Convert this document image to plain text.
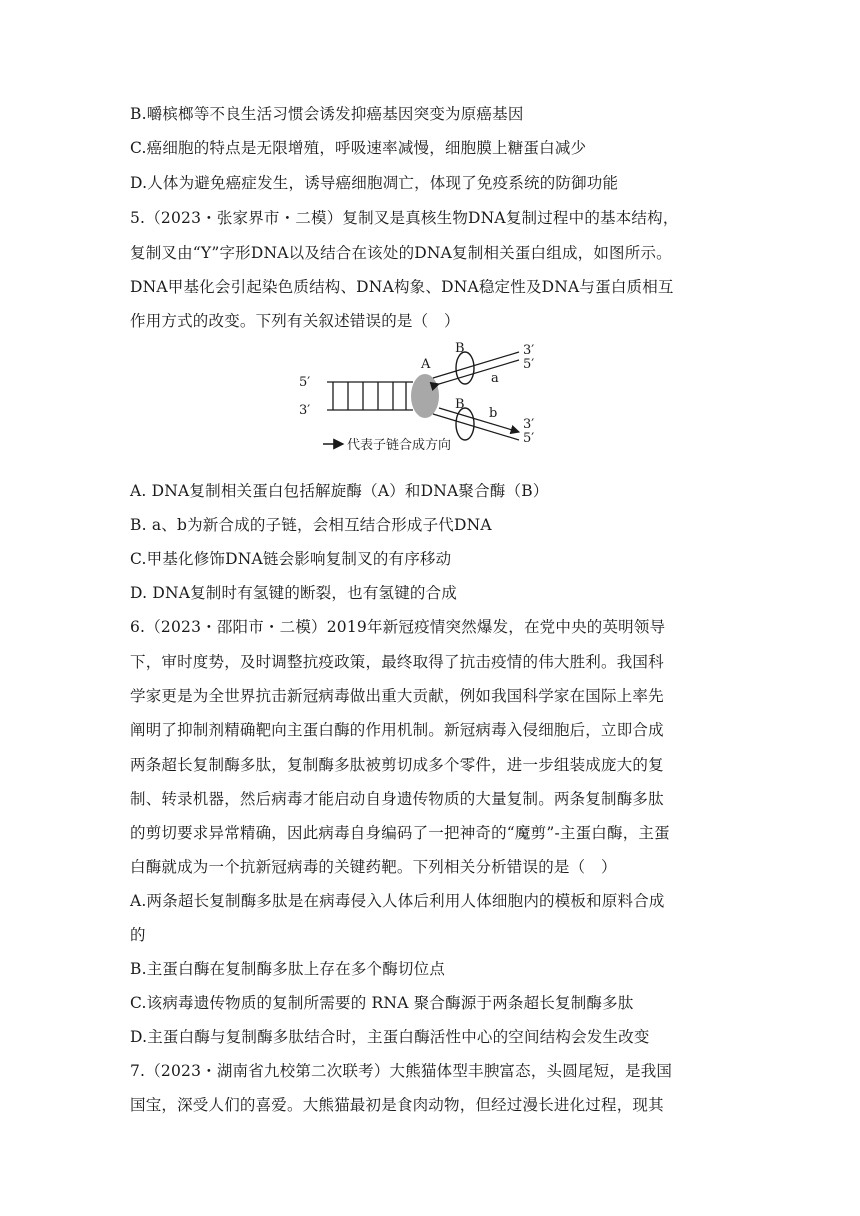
B.嚼槟榔等不良生活习惯会诱发抑癌基因突变为原癌基因
C.癌细胞的特点是无限增殖，呼吸速率减慢，细胞膜上糖蛋白减少
D.人体为避免癌症发生，诱导癌细胞凋亡，体现了免疫系统的防御功能
5.（2023・张家界市・二模）复制叉是真核生物DNA复制过程中的基本结构，
复制叉由“Y”字形DNA以及结合在该处的DNA复制相关蛋白组成，如图所示。
DNA甲基化会引起染色质结构、DNA构象、DNA稳定性及DNA与蛋白质相互
作用方式的改变。下列有关叙述错误的是（　）
A
B
B
a
b
5′
3′
3′
5′
3′
5′
代表子链合成方向
A. DNA复制相关蛋白包括解旋酶（A）和DNA聚合酶（B）
B. a、b为新合成的子链，会相互结合形成子代DNA
C.甲基化修饰DNA链会影响复制叉的有序移动
D. DNA复制时有氢键的断裂，也有氢键的合成
6.（2023・邵阳市・二模）2019年新冠疫情突然爆发，在党中央的英明领导
下，审时度势，及时调整抗疫政策，最终取得了抗击疫情的伟大胜利。我国科
学家更是为全世界抗击新冠病毒做出重大贡献，例如我国科学家在国际上率先
阐明了抑制剂精确靶向主蛋白酶的作用机制。新冠病毒入侵细胞后，立即合成
两条超长复制酶多肽，复制酶多肽被剪切成多个零件，进一步组装成庞大的复
制、转录机器，然后病毒才能启动自身遗传物质的大量复制。两条复制酶多肽
的剪切要求异常精确，因此病毒自身编码了一把神奇的“魔剪”-主蛋白酶，主蛋
白酶就成为一个抗新冠病毒的关键药靶。下列相关分析错误的是（　）
A.两条超长复制酶多肽是在病毒侵入人体后利用人体细胞内的模板和原料合成
的
B.主蛋白酶在复制酶多肽上存在多个酶切位点
C.该病毒遗传物质的复制所需要的 RNA 聚合酶源于两条超长复制酶多肽
D.主蛋白酶与复制酶多肽结合时，主蛋白酶活性中心的空间结构会发生改变
7.（2023・湖南省九校第二次联考）大熊猫体型丰腴富态，头圆尾短，是我国
国宝，深受人们的喜爱。大熊猫最初是食肉动物，但经过漫长进化过程，现其
